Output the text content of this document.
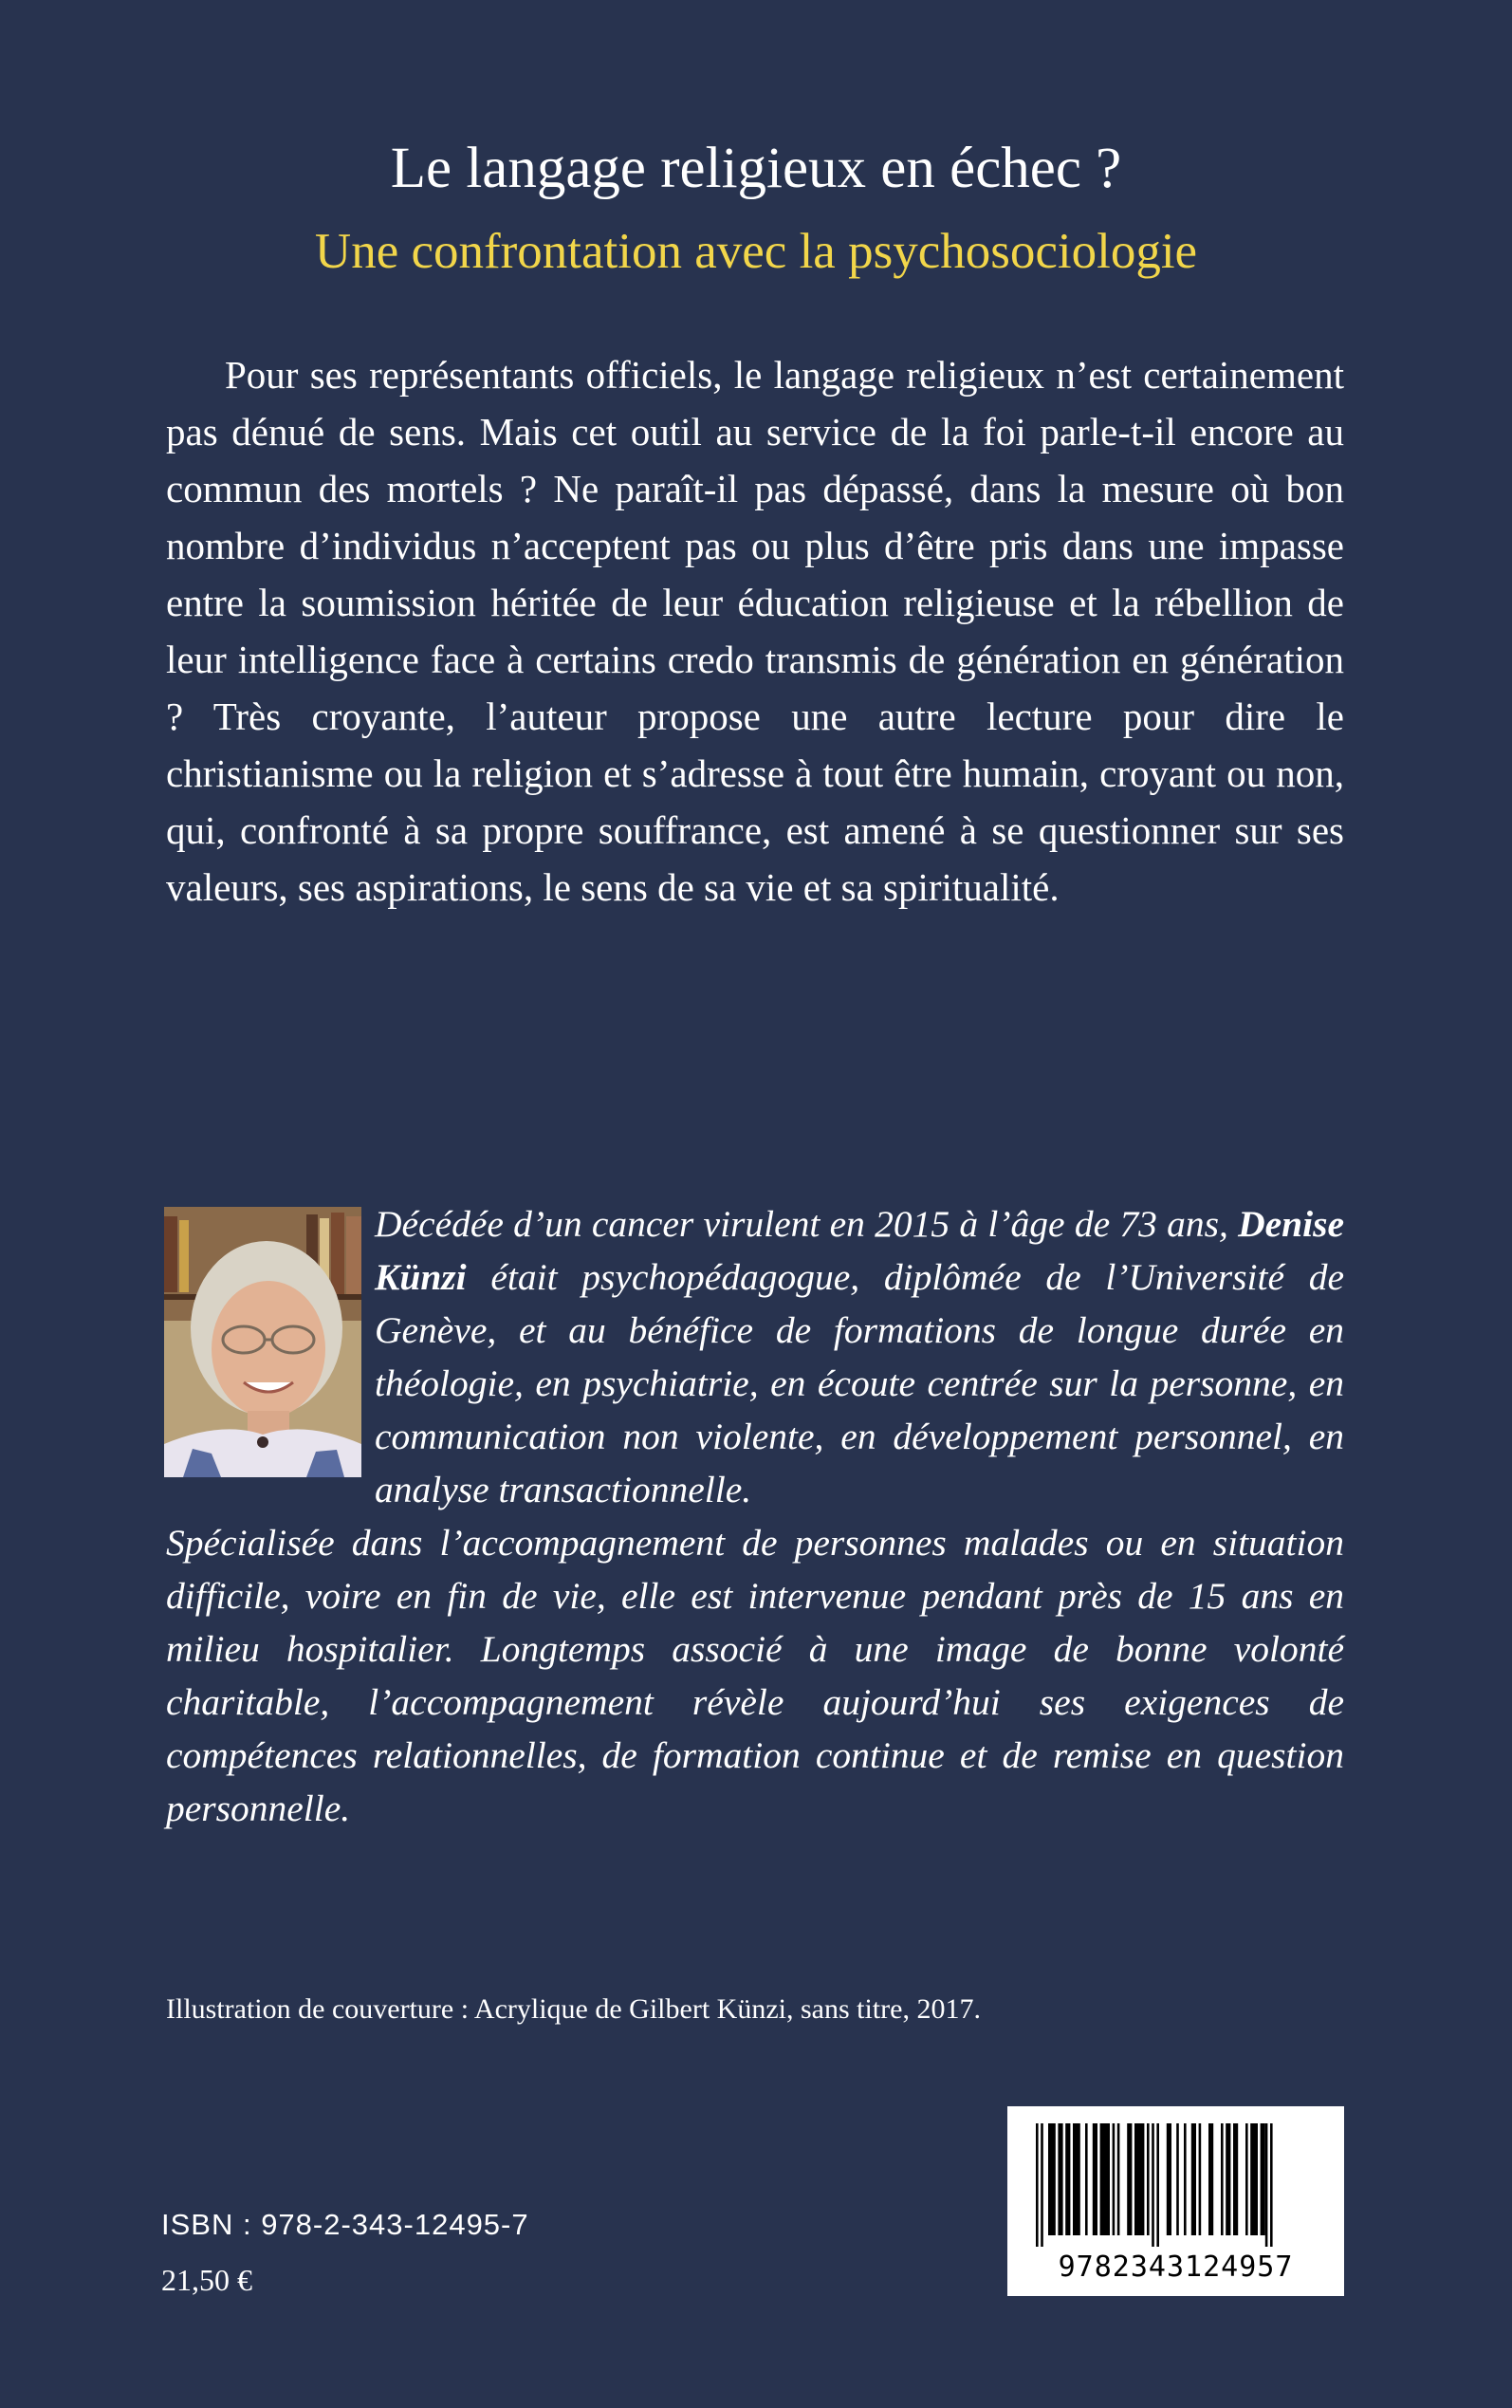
Le langage religieux en échec ?
Une confrontation avec la psychosociologie

Pour ses représentants officiels, le langage religieux n’est certainement pas dénué de sens. Mais cet outil au service de la foi parle-t-il encore au commun des mortels ? Ne paraît-il pas dépassé, dans la mesure où bon nombre d’individus n’acceptent pas ou plus d’être pris dans une impasse entre la soumission héritée de leur éducation religieuse et la rébellion de leur intelligence face à certains credo transmis de génération en génération ? Très croyante, l’auteur propose une autre lecture pour dire le christianisme ou la religion et s’adresse à tout être humain, croyant ou non, qui, confronté à sa propre souffrance, est amené à se questionner sur ses valeurs, ses aspirations, le sens de sa vie et sa spiritualité.

Décédée d’un cancer virulent en 2015 à l’âge de 73 ans, Denise Künzi était psychopédagogue, diplômée de l’Université de Genève, et au bénéfice de formations de longue durée en théologie, en psychiatrie, en écoute centrée sur la personne, en communication non violente, en développement personnel, en analyse transactionnelle.
Spécialisée dans l’accompagnement de personnes malades ou en situation difficile, voire en fin de vie, elle est intervenue pendant près de 15 ans en milieu hospitalier. Longtemps associé à une image de bonne volonté charitable, l’accompagnement révèle aujourd’hui ses exigences de compétences relationnelles, de formation continue et de remise en question personnelle.

Illustration de couverture : Acrylique de Gilbert Künzi, sans titre, 2017.

ISBN : 978-2-343-12495-7
21,50 €	9782343124957
